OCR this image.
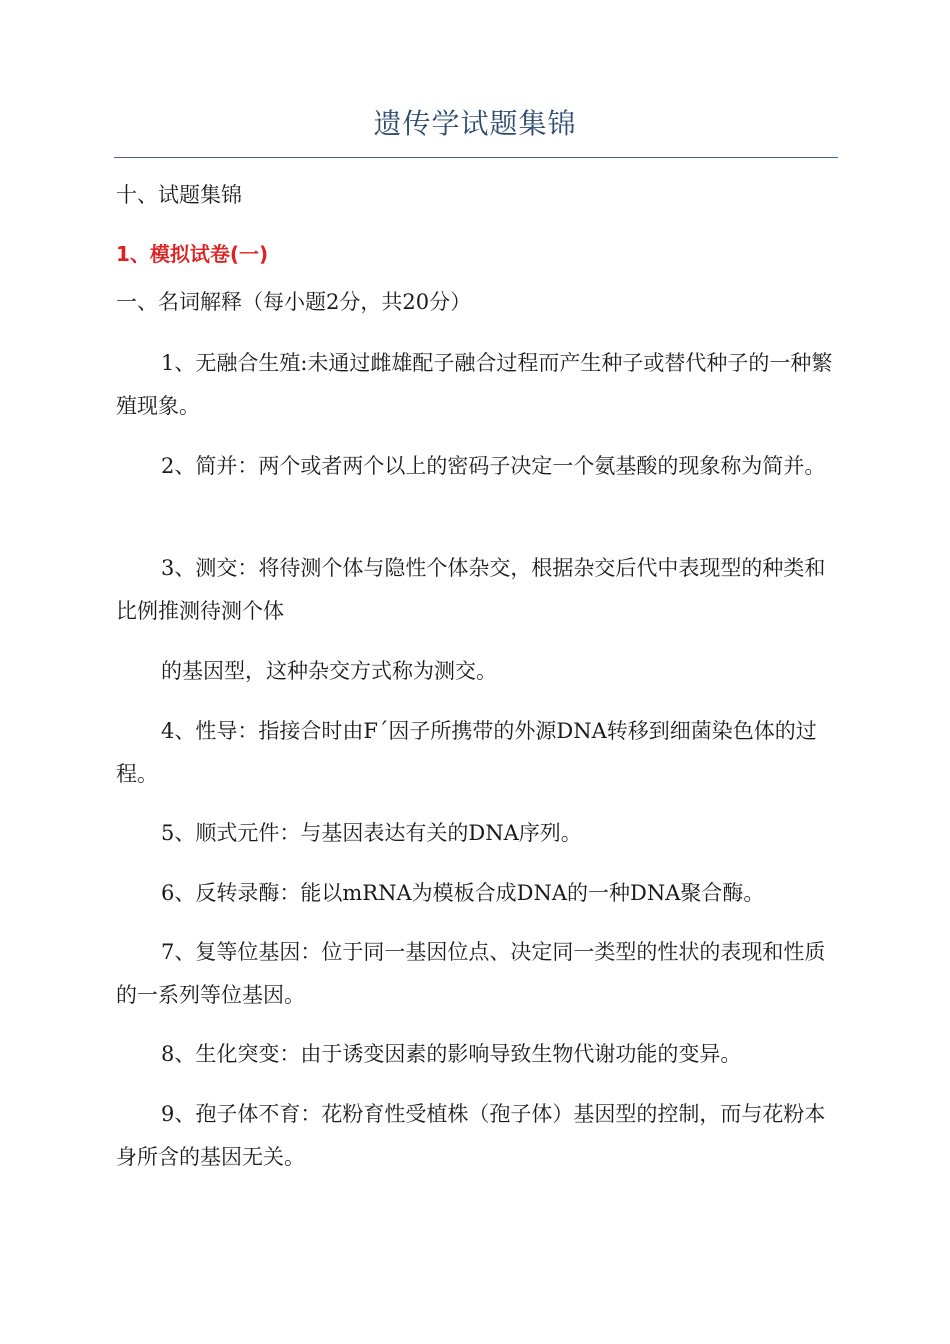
遗传学试题集锦

十、试题集锦

1、模拟试卷(一)

一、名词解释（每小题2分，共20分）

1、无融合生殖:未通过雌雄配子融合过程而产生种子或替代种子的一种繁殖现象。

2、简并：两个或者两个以上的密码子决定一个氨基酸的现象称为简并。

3、测交：将待测个体与隐性个体杂交，根据杂交后代中表现型的种类和比例推测待测个体

的基因型，这种杂交方式称为测交。

4、性导：指接合时由F´因子所携带的外源DNA转移到细菌染色体的过程。

5、顺式元件：与基因表达有关的DNA序列。

6、反转录酶：能以mRNA为模板合成DNA的一种DNA聚合酶。

7、复等位基因：位于同一基因位点、决定同一类型的性状的表现和性质的一系列等位基因。

8、生化突变：由于诱变因素的影响导致生物代谢功能的变异。

9、孢子体不育：花粉育性受植株（孢子体）基因型的控制，而与花粉本身所含的基因无关。
